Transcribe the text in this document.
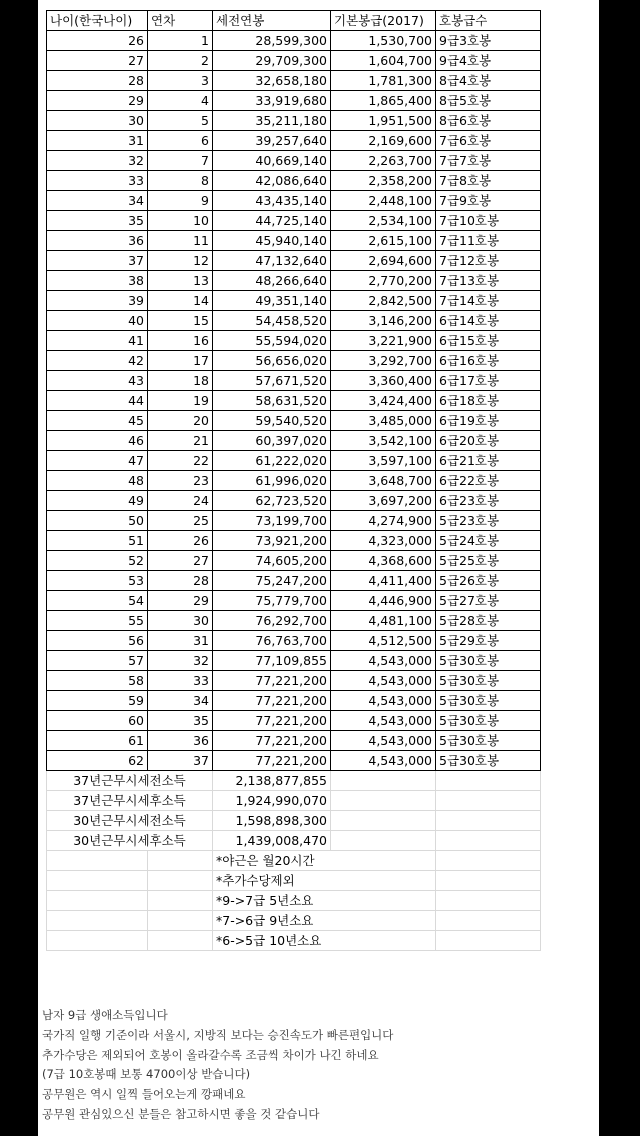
나이(한국나이)	연차	세전연봉	기본봉급(2017)	호봉급수
26	1	28,599,300	1,530,700	9급3호봉
27	2	29,709,300	1,604,700	9급4호봉
28	3	32,658,180	1,781,300	8급4호봉
29	4	33,919,680	1,865,400	8급5호봉
30	5	35,211,180	1,951,500	8급6호봉
31	6	39,257,640	2,169,600	7급6호봉
32	7	40,669,140	2,263,700	7급7호봉
33	8	42,086,640	2,358,200	7급8호봉
34	9	43,435,140	2,448,100	7급9호봉
35	10	44,725,140	2,534,100	7급10호봉
36	11	45,940,140	2,615,100	7급11호봉
37	12	47,132,640	2,694,600	7급12호봉
38	13	48,266,640	2,770,200	7급13호봉
39	14	49,351,140	2,842,500	7급14호봉
40	15	54,458,520	3,146,200	6급14호봉
41	16	55,594,020	3,221,900	6급15호봉
42	17	56,656,020	3,292,700	6급16호봉
43	18	57,671,520	3,360,400	6급17호봉
44	19	58,631,520	3,424,400	6급18호봉
45	20	59,540,520	3,485,000	6급19호봉
46	21	60,397,020	3,542,100	6급20호봉
47	22	61,222,020	3,597,100	6급21호봉
48	23	61,996,020	3,648,700	6급22호봉
49	24	62,723,520	3,697,200	6급23호봉
50	25	73,199,700	4,274,900	5급23호봉
51	26	73,921,200	4,323,000	5급24호봉
52	27	74,605,200	4,368,600	5급25호봉
53	28	75,247,200	4,411,400	5급26호봉
54	29	75,779,700	4,446,900	5급27호봉
55	30	76,292,700	4,481,100	5급28호봉
56	31	76,763,700	4,512,500	5급29호봉
57	32	77,109,855	4,543,000	5급30호봉
58	33	77,221,200	4,543,000	5급30호봉
59	34	77,221,200	4,543,000	5급30호봉
60	35	77,221,200	4,543,000	5급30호봉
61	36	77,221,200	4,543,000	5급30호봉
62	37	77,221,200	4,543,000	5급30호봉
37년근무시세전소득		2,138,877,855		
37년근무시세후소득		1,924,990,070		
30년근무시세전소득		1,598,898,300		
30년근무시세후소득		1,439,008,470		
		*야근은 월20시간		
		*추가수당제외		
		*9->7급 5년소요		
		*7->6급 9년소요		
		*6->5급 10년소요		
남자 9급 생애소득입니다
국가직 일행 기준이라 서울시, 지방직 보다는 승진속도가 빠른편입니다
추가수당은 제외되어 호봉이 올라갈수록 조금씩 차이가 나긴 하네요
(7급 10호봉때 보통 4700이상 받습니다)
공무원은 역시 일찍 들어오는게 깡패네요
공무원 관심있으신 분들은 참고하시면 좋을 것 같습니다
